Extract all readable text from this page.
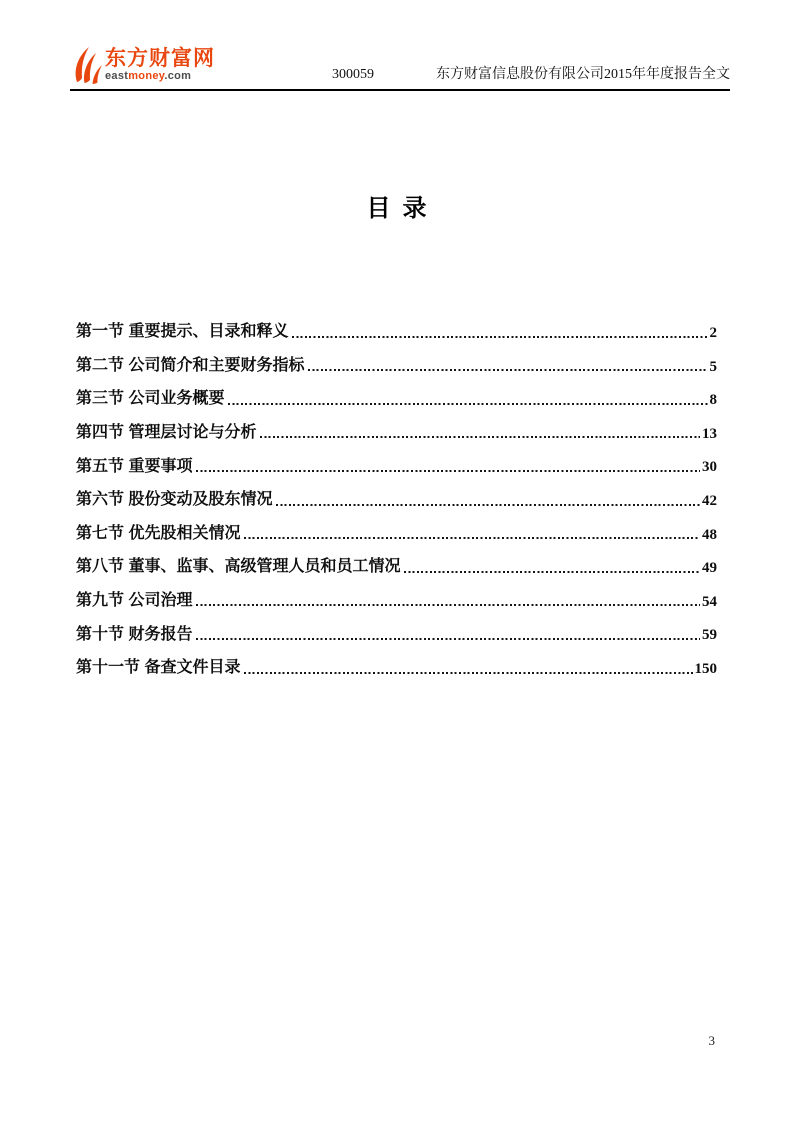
东方财富网
eastmoney.com	300059	东方财富信息股份有限公司2015年年度报告全文
目  录
第一节 重要提示、目录和释义	2
第二节 公司简介和主要财务指标	5
第三节 公司业务概要	8
第四节 管理层讨论与分析	13
第五节 重要事项	30
第六节 股份变动及股东情况	42
第七节 优先股相关情况	48
第八节 董事、监事、高级管理人员和员工情况	49
第九节 公司治理	54
第十节 财务报告	59
第十一节 备查文件目录	150
3
